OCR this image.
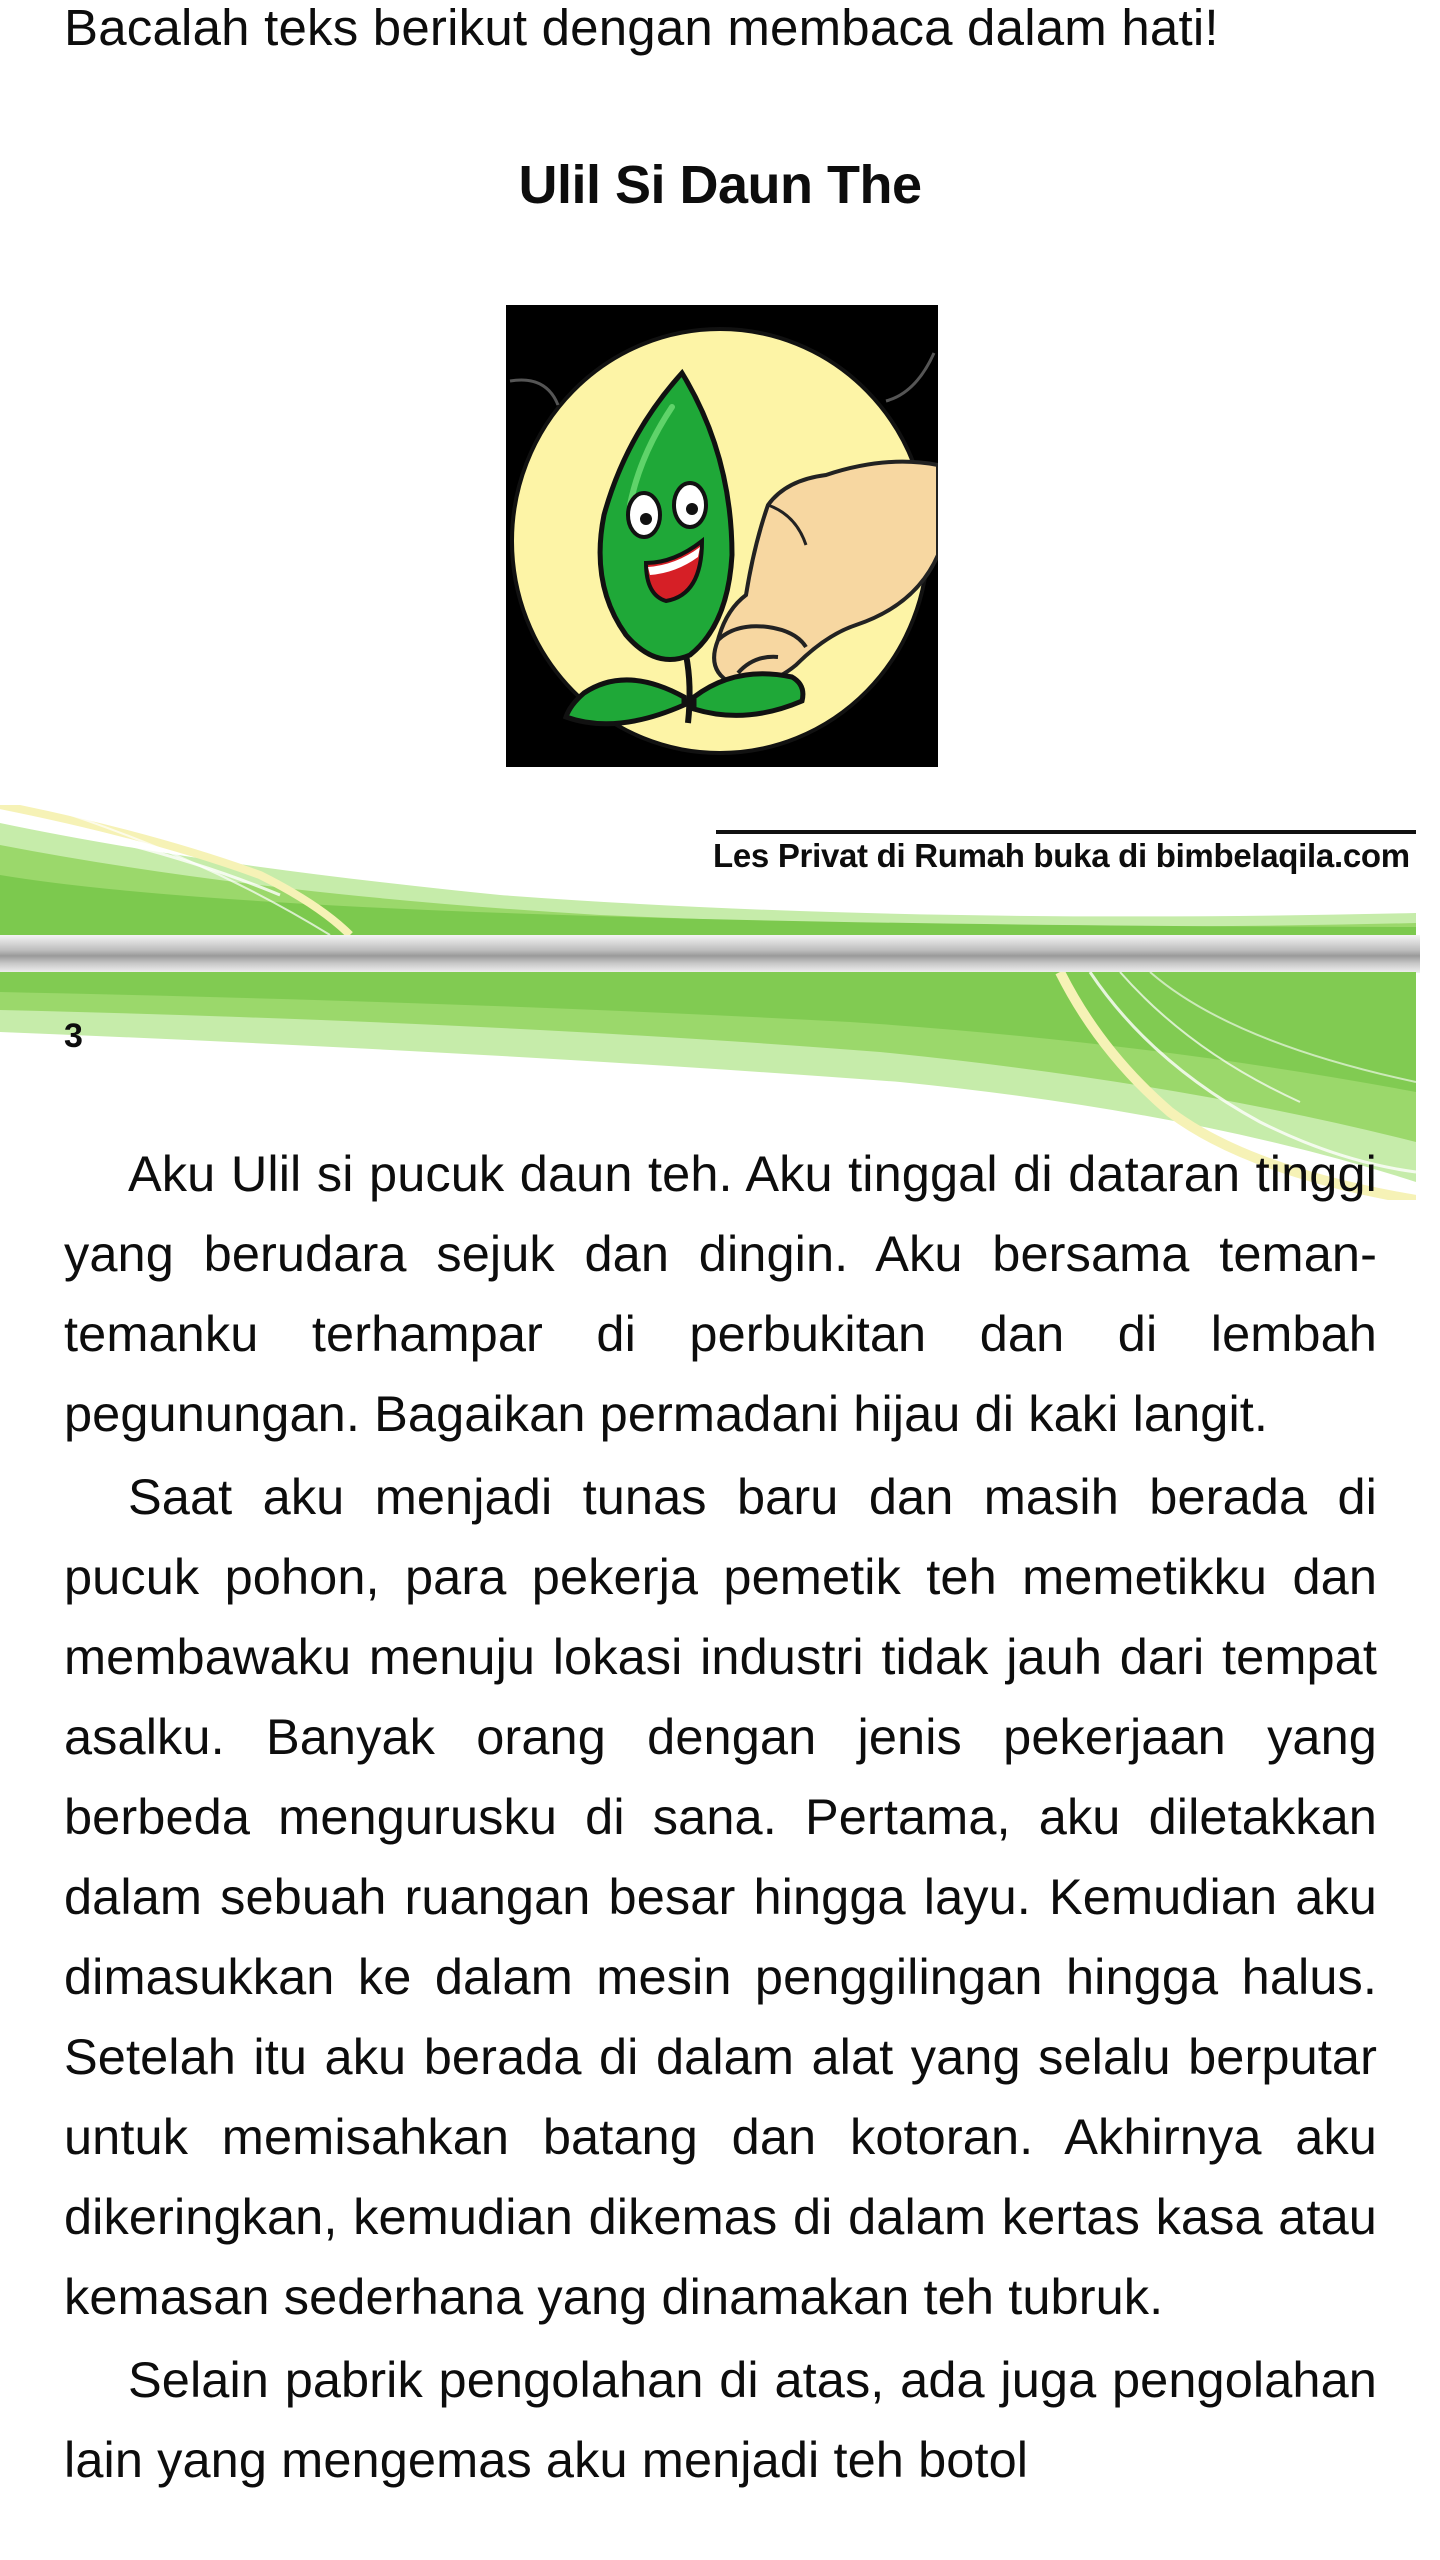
Bacalah teks berikut dengan membaca dalam hati!
Ulil Si Daun The
Les Privat di Rumah buka di bimbelaqila.com
3

Aku Ulil si pucuk daun teh. Aku tinggal di dataran tinggi yang berudara sejuk dan dingin. Aku bersama teman-temanku terhampar di perbukitan dan di lembah pegunungan. Bagaikan permadani hijau di kaki langit.

Saat aku menjadi tunas baru dan masih berada di pucuk pohon, para pekerja pemetik teh memetikku dan membawaku menuju lokasi industri tidak jauh dari tempat asalku. Banyak orang dengan jenis pekerjaan yang berbeda mengurusku di sana. Pertama, aku diletakkan dalam sebuah ruangan besar hingga layu. Kemudian aku dimasukkan ke dalam mesin penggilingan hingga halus. Setelah itu aku berada di dalam alat yang selalu berputar untuk memisahkan batang dan kotoran. Akhirnya aku dikeringkan, kemudian dikemas di dalam kertas kasa atau kemasan sederhana yang dinamakan teh tubruk.

Selain pabrik pengolahan di atas, ada juga pengolahan lain yang mengemas aku menjadi teh botol
